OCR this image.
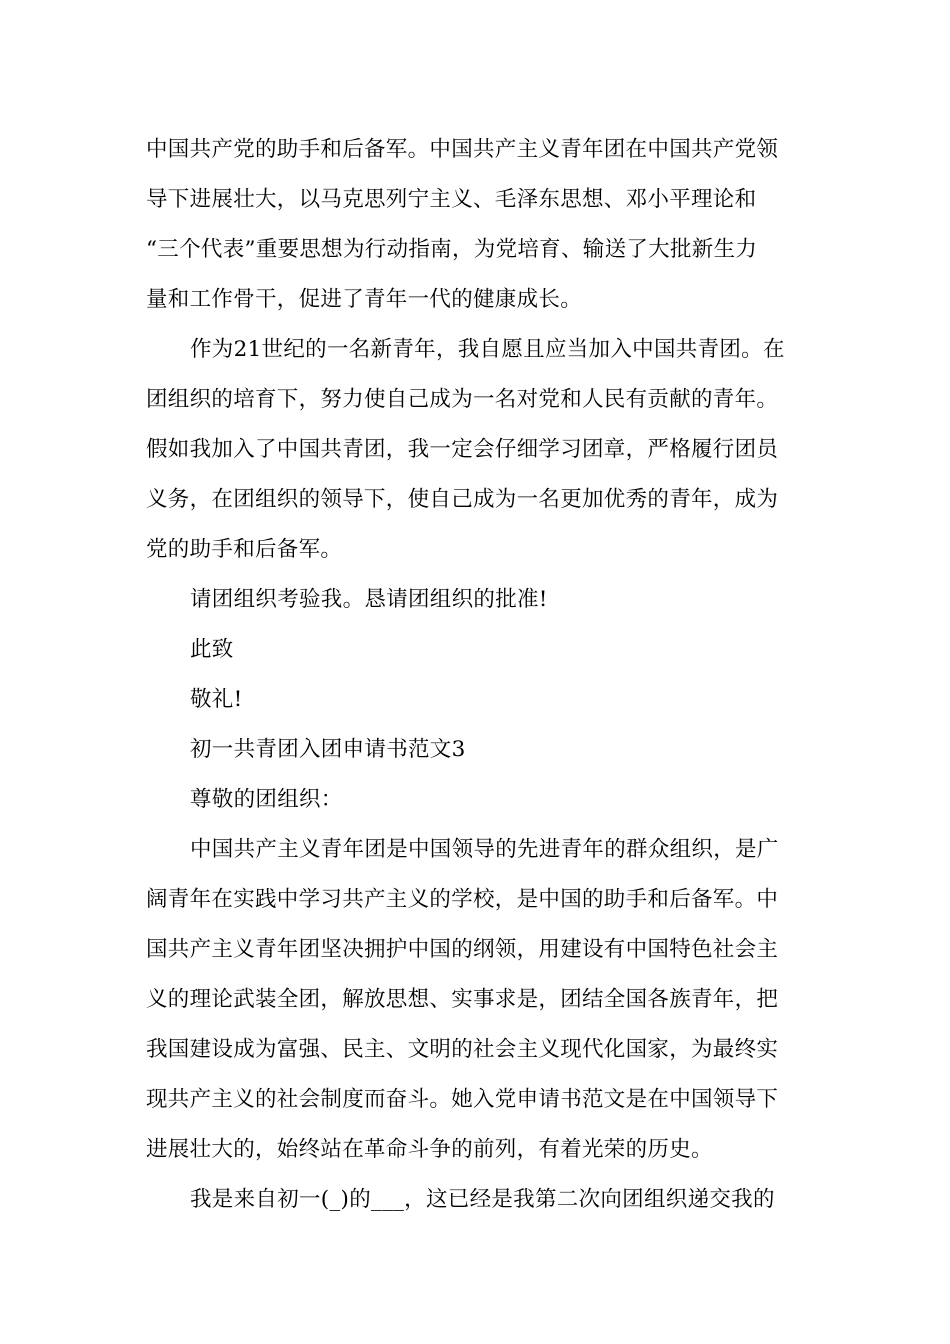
中国共产党的助手和后备军。中国共产主义青年团在中国共产党领
导下进展壮大，以马克思列宁主义、毛泽东思想、邓小平理论和
“三个代表”重要思想为行动指南，为党培育、输送了大批新生力
量和工作骨干，促进了青年一代的健康成长。
作为21世纪的一名新青年，我自愿且应当加入中国共青团。在
团组织的培育下，努力使自己成为一名对党和人民有贡献的青年。
假如我加入了中国共青团，我一定会仔细学习团章，严格履行团员
义务，在团组织的领导下，使自己成为一名更加优秀的青年，成为
党的助手和后备军。
请团组织考验我。恳请团组织的批准!
此致
敬礼!
初一共青团入团申请书范文3
尊敬的团组织：
中国共产主义青年团是中国领导的先进青年的群众组织，是广
阔青年在实践中学习共产主义的学校，是中国的助手和后备军。中
国共产主义青年团坚决拥护中国的纲领，用建设有中国特色社会主
义的理论武装全团，解放思想、实事求是，团结全国各族青年，把
我国建设成为富强、民主、文明的社会主义现代化国家，为最终实
现共产主义的社会制度而奋斗。她入党申请书范文是在中国领导下
进展壮大的，始终站在革命斗争的前列，有着光荣的历史。
我是来自初一(_)的___，这已经是我第二次向团组织递交我的
